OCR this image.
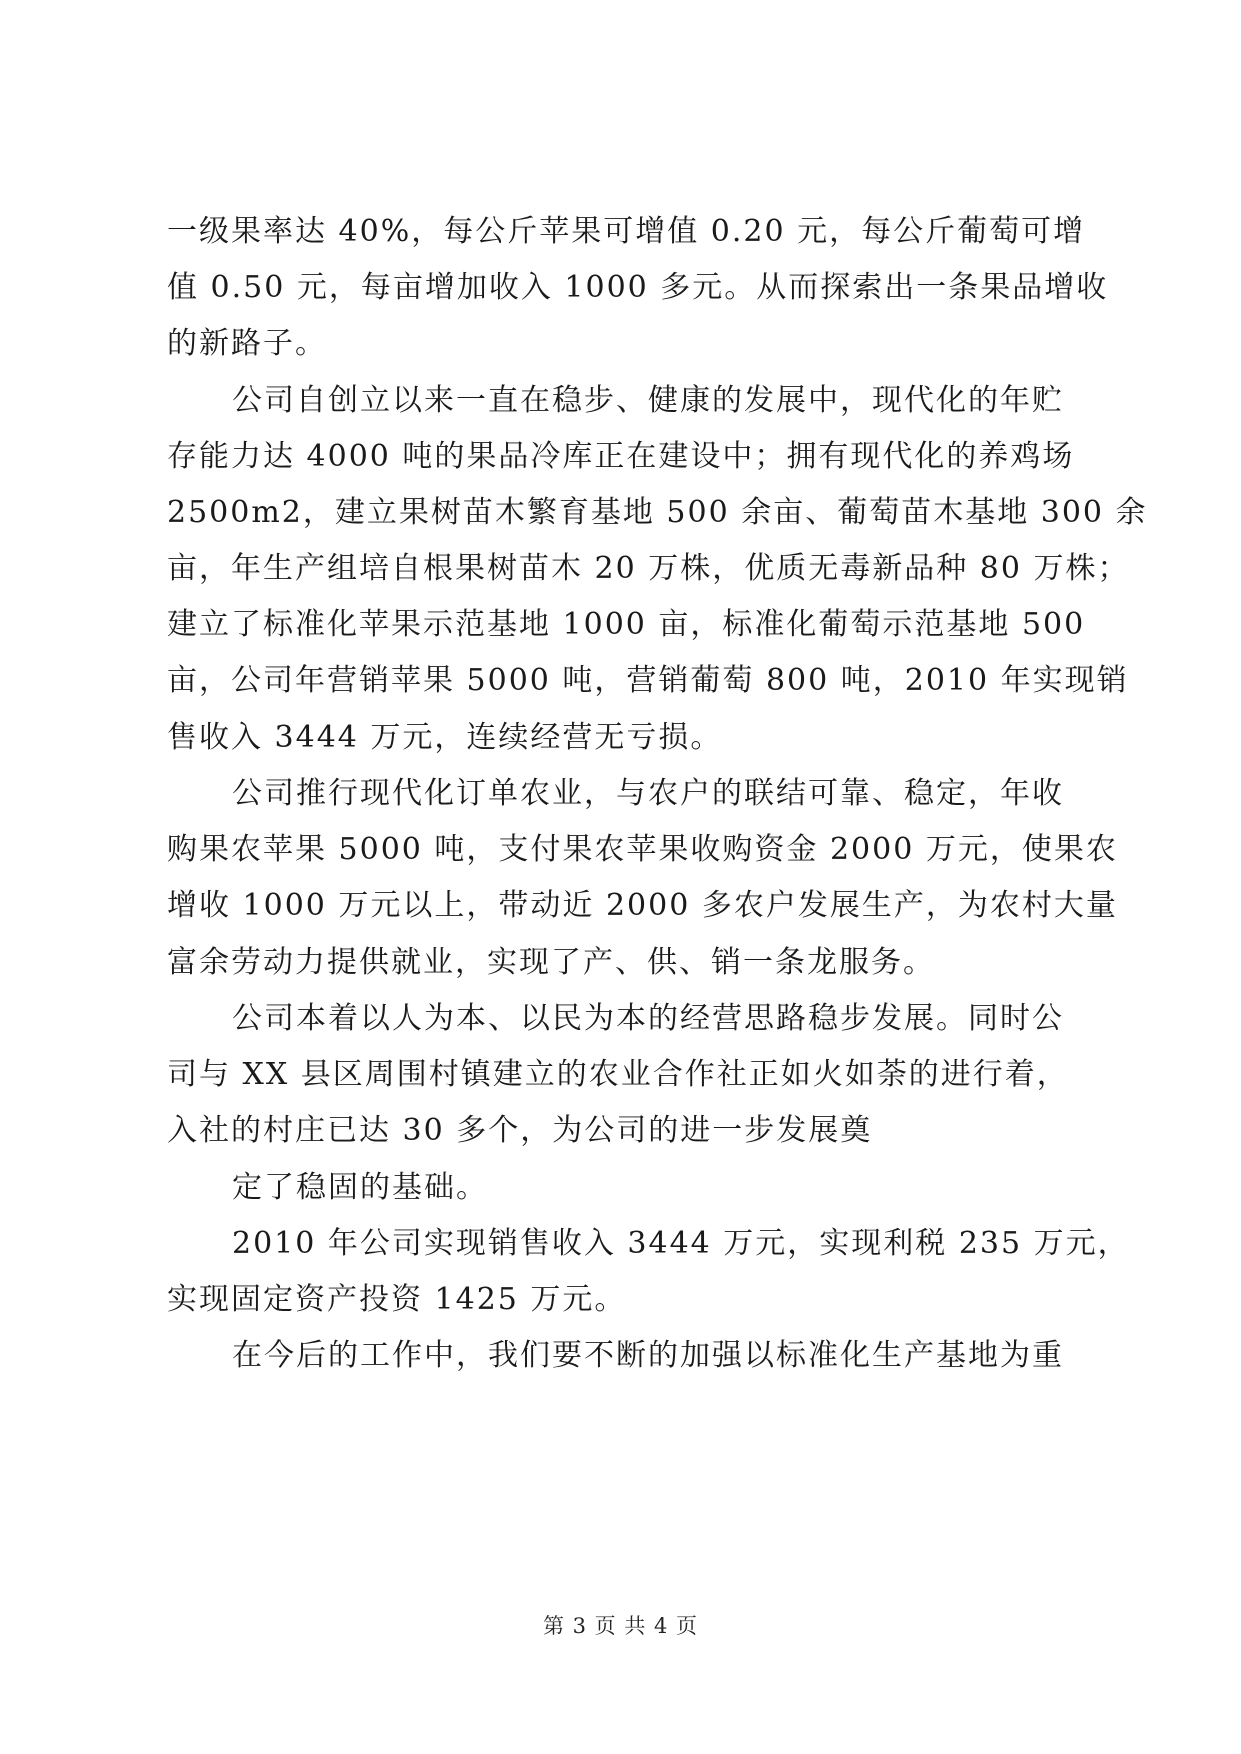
一级果率达 40%，每公斤苹果可增值 0.20 元，每公斤葡萄可增
值 0.50 元，每亩增加收入 1000 多元。从而探索出一条果品增收
的新路子。
公司自创立以来一直在稳步、健康的发展中，现代化的年贮
存能力达 4000 吨的果品冷库正在建设中；拥有现代化的养鸡场
2500m2，建立果树苗木繁育基地 500 余亩、葡萄苗木基地 300 余
亩，年生产组培自根果树苗木 20 万株，优质无毒新品种 80 万株；
建立了标准化苹果示范基地 1000 亩，标准化葡萄示范基地 500
亩，公司年营销苹果 5000 吨，营销葡萄 800 吨，2010 年实现销
售收入 3444 万元，连续经营无亏损。
公司推行现代化订单农业，与农户的联结可靠、稳定，年收
购果农苹果 5000 吨，支付果农苹果收购资金 2000 万元，使果农
增收 1000 万元以上，带动近 2000 多农户发展生产，为农村大量
富余劳动力提供就业，实现了产、供、销一条龙服务。
公司本着以人为本、以民为本的经营思路稳步发展。同时公
司与 XX 县区周围村镇建立的农业合作社正如火如荼的进行着，
入社的村庄已达 30 多个，为公司的进一步发展奠
定了稳固的基础。
2010 年公司实现销售收入 3444 万元，实现利税 235 万元，
实现固定资产投资 1425 万元。
在今后的工作中，我们要不断的加强以标准化生产基地为重
第 3 页 共 4 页
